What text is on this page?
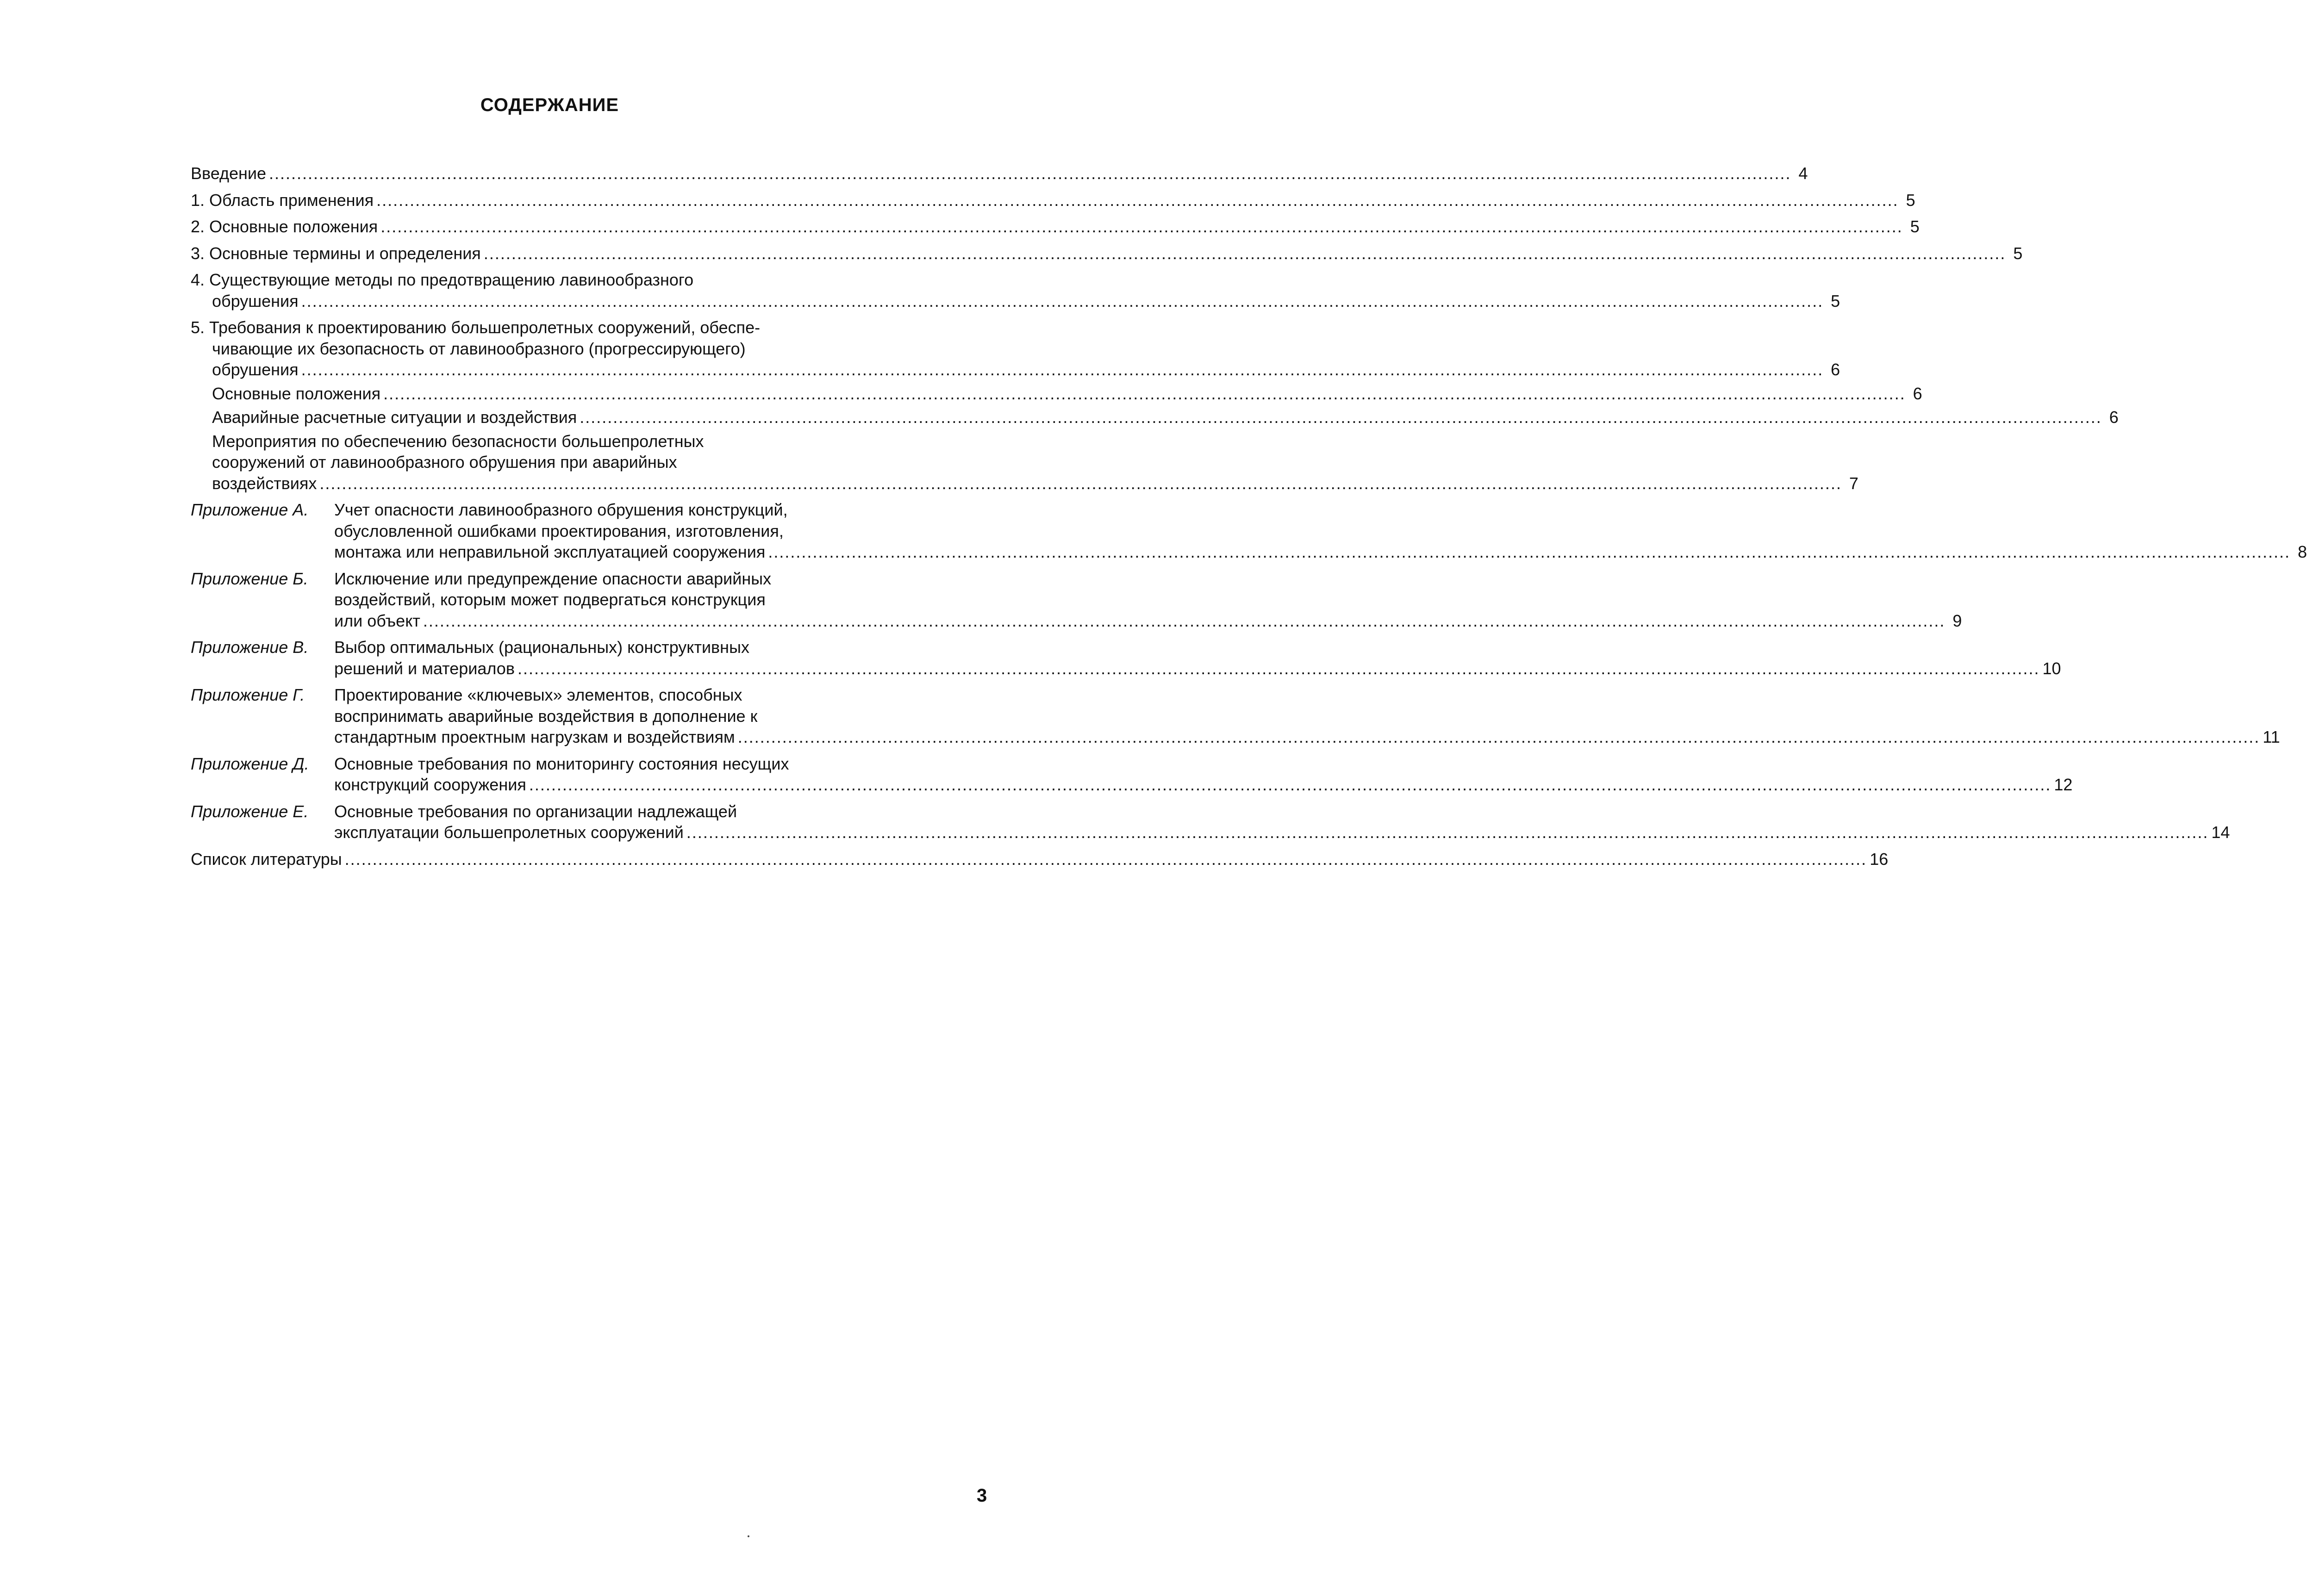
СОДЕРЖАНИЕ
Введение .....	4
1. Область применения .....	5
2. Основные положения .....	5
3. Основные термины и определения .....	5
4. Существующие методы по предотвращению лавинообразного
обрушения .....	5
5. Требования к проектированию большепролетных сооружений, обеспе-
чивающие их безопасность от лавинообразного (прогрессирующего)
обрушения .....	6
Основные положения .....	6
Аварийные расчетные ситуации и воздействия .....	6
Мероприятия по обеспечению безопасности большепролетных
сооружений от лавинообразного обрушения при аварийных
воздействиях .....	7
Приложение А.	Учет опасности лавинообразного обрушения конструкций,
обусловленной ошибками проектирования, изготовления,
монтажа или неправильной эксплуатацией сооружения .....	8
Приложение Б.	Исключение или предупреждение опасности аварийных
воздействий, которым может подвергаться конструкция
или объект .....	9
Приложение В.	Выбор оптимальных (рациональных) конструктивных
решений и материалов .....	10
Приложение Г.	Проектирование «ключевых» элементов, способных
воспринимать аварийные воздействия в дополнение к
стандартным проектным нагрузкам и воздействиям .....	11
Приложение Д.	Основные требования по мониторингу состояния несущих
конструкций сооружения .....	12
Приложение Е.	Основные требования по организации надлежащей
эксплуатации большепролетных сооружений .....	14
Список литературы .....	16
3
